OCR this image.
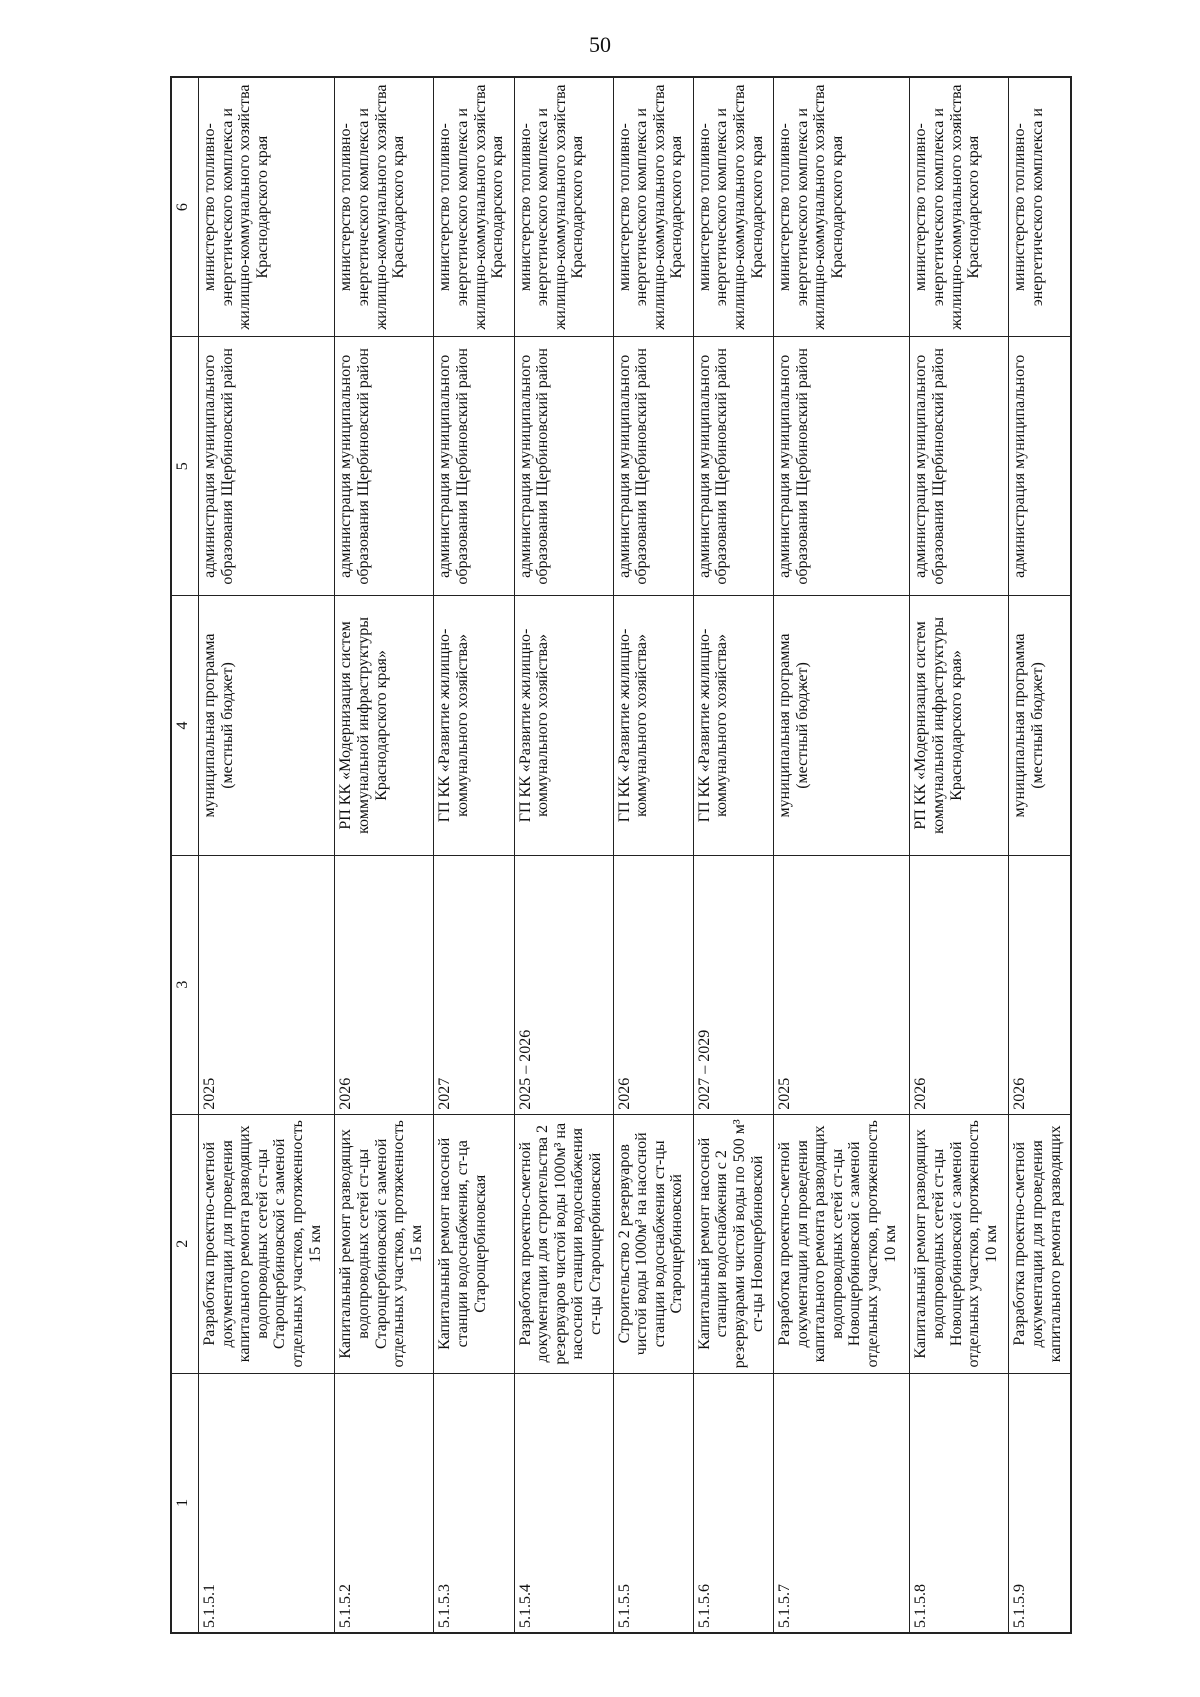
50
1	2	3	4	5	6
5.1.5.1	Разработка проектно-сметной документации для проведения капитального ремонта разводящих водопроводных сетей ст-цы Старощербиновской с заменой отдельных участков, протяженность 15 км	2025	муниципальная программа (местный бюджет)	администрация муниципального образования Щербиновский район	министерство топливно-энергетического комплекса и жилищно-коммунального хозяйства Краснодарского края
5.1.5.2	Капитальный ремонт разводящих водопроводных сетей ст-цы Старощербиновской с заменой отдельных участков, протяженность 15 км	2026	РП КК «Модернизация систем коммунальной инфраструктуры Краснодарского края»	администрация муниципального образования Щербиновский район	министерство топливно-энергетического комплекса и жилищно-коммунального хозяйства Краснодарского края
5.1.5.3	Капитальный ремонт насосной станции водоснабжения, ст-ца Старощербиновская	2027	ГП КК «Развитие жилищно-коммунального хозяйства»	администрация муниципального образования Щербиновский район	министерство топливно-энергетического комплекса и жилищно-коммунального хозяйства Краснодарского края
5.1.5.4	Разработка проектно-сметной документации для строительства 2 резервуаров чистой воды 1000м³ на насосной станции водоснабжения ст-цы Старощербиновской	2025 – 2026	ГП КК «Развитие жилищно-коммунального хозяйства»	администрация муниципального образования Щербиновский район	министерство топливно-энергетического комплекса и жилищно-коммунального хозяйства Краснодарского края
5.1.5.5	Строительство 2 резервуаров чистой воды 1000м³ на насосной станции водоснабжения ст-цы Старощербиновской	2026	ГП КК «Развитие жилищно-коммунального хозяйства»	администрация муниципального образования Щербиновский район	министерство топливно-энергетического комплекса и жилищно-коммунального хозяйства Краснодарского края
5.1.5.6	Капитальный ремонт насосной станции водоснабжения с 2 резервуарами чистой воды по 500 м³ ст-цы Новощербиновской	2027 – 2029	ГП КК «Развитие жилищно-коммунального хозяйства»	администрация муниципального образования Щербиновский район	министерство топливно-энергетического комплекса и жилищно-коммунального хозяйства Краснодарского края
5.1.5.7	Разработка проектно-сметной документации для проведения капитального ремонта разводящих водопроводных сетей ст-цы Новощербиновской с заменой отдельных участков, протяженность 10 км	2025	муниципальная программа (местный бюджет)	администрация муниципального образования Щербиновский район	министерство топливно-энергетического комплекса и жилищно-коммунального хозяйства Краснодарского края
5.1.5.8	Капитальный ремонт разводящих водопроводных сетей ст-цы Новощербиновской с заменой отдельных участков, протяженность 10 км	2026	РП КК «Модернизация систем коммунальной инфраструктуры Краснодарского края»	администрация муниципального образования Щербиновский район	министерство топливно-энергетического комплекса и жилищно-коммунального хозяйства Краснодарского края
5.1.5.9	Разработка проектно-сметной документации для проведения капитального ремонта разводящих	2026	муниципальная программа (местный бюджет)	администрация муниципального	министерство топливно-энергетического комплекса и
